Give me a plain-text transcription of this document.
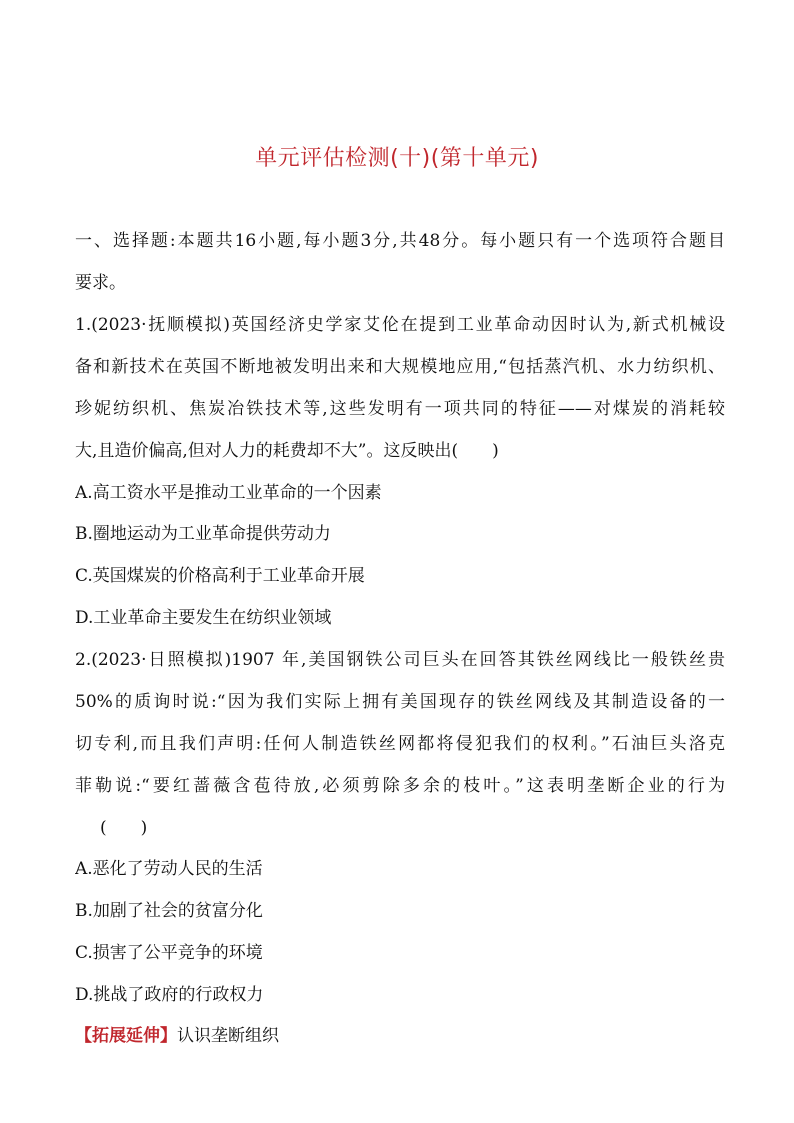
单元评估检测(十)(第十单元)
一、选择题:本题共16小题,每小题3分,共48分。每小题只有一个选项符合题目
要求。
1.(2023·抚顺模拟)英国经济史学家艾伦在提到工业革命动因时认为,新式机械设
备和新技术在英国不断地被发明出来和大规模地应用,“包括蒸汽机、水力纺织机、
珍妮纺织机、焦炭冶铁技术等,这些发明有一项共同的特征——对煤炭的消耗较
大,且造价偏高,但对人力的耗费却不大”。这反映出(　　)
A.高工资水平是推动工业革命的一个因素
B.圈地运动为工业革命提供劳动力
C.英国煤炭的价格高利于工业革命开展
D.工业革命主要发生在纺织业领域
2.(2023·日照模拟)1907 年,美国钢铁公司巨头在回答其铁丝网线比一般铁丝贵
50%的质询时说:“因为我们实际上拥有美国现存的铁丝网线及其制造设备的一
切专利,而且我们声明:任何人制造铁丝网都将侵犯我们的权利。”石油巨头洛克
菲勒说:“要红蔷薇含苞待放,必须剪除多余的枝叶。”这表明垄断企业的行为
(　　)
A.恶化了劳动人民的生活
B.加剧了社会的贫富分化
C.损害了公平竞争的环境
D.挑战了政府的行政权力
【拓展延伸】认识垄断组织
